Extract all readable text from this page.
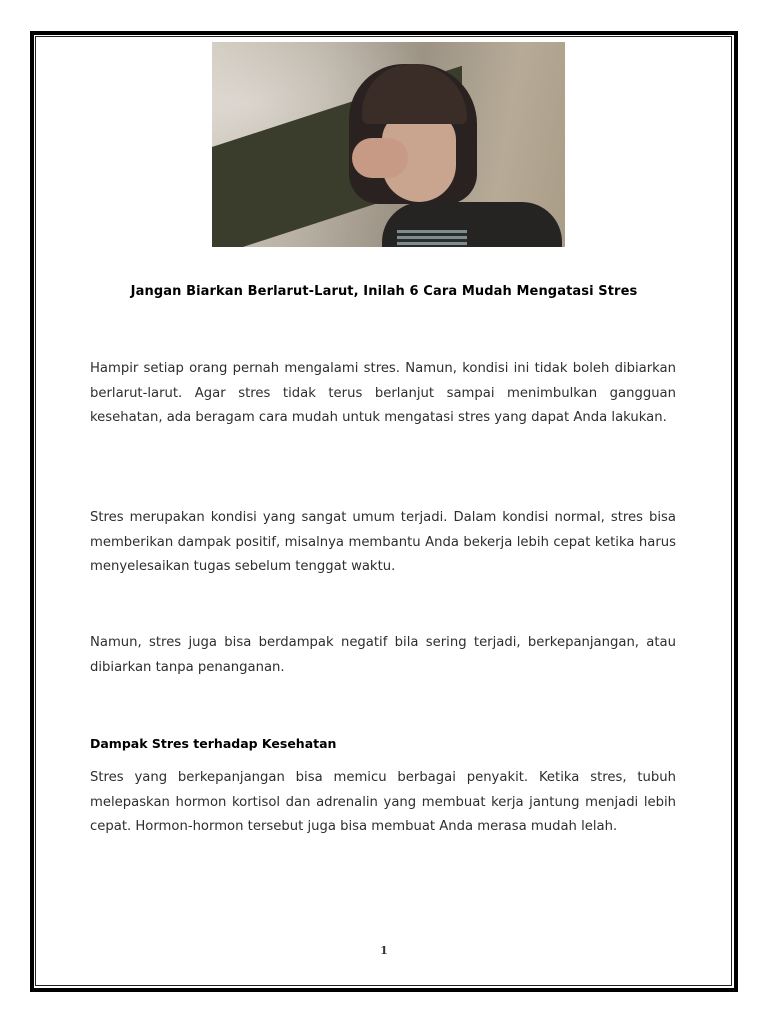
Jangan Biarkan Berlarut-Larut, Inilah 6 Cara Mudah Mengatasi Stres

Hampir setiap orang pernah mengalami stres. Namun, kondisi ini tidak boleh dibiarkan berlarut-larut. Agar stres tidak terus berlanjut sampai menimbulkan gangguan kesehatan, ada beragam cara mudah untuk mengatasi stres yang dapat Anda lakukan.

Stres merupakan kondisi yang sangat umum terjadi. Dalam kondisi normal, stres bisa memberikan dampak positif, misalnya membantu Anda bekerja lebih cepat ketika harus menyelesaikan tugas sebelum tenggat waktu.

Namun, stres juga bisa berdampak negatif bila sering terjadi, berkepanjangan, atau dibiarkan tanpa penanganan.

Dampak Stres terhadap Kesehatan

Stres yang berkepanjangan bisa memicu berbagai penyakit. Ketika stres, tubuh melepaskan hormon kortisol dan adrenalin yang membuat kerja jantung menjadi lebih cepat. Hormon-hormon tersebut juga bisa membuat Anda merasa mudah lelah.

1
